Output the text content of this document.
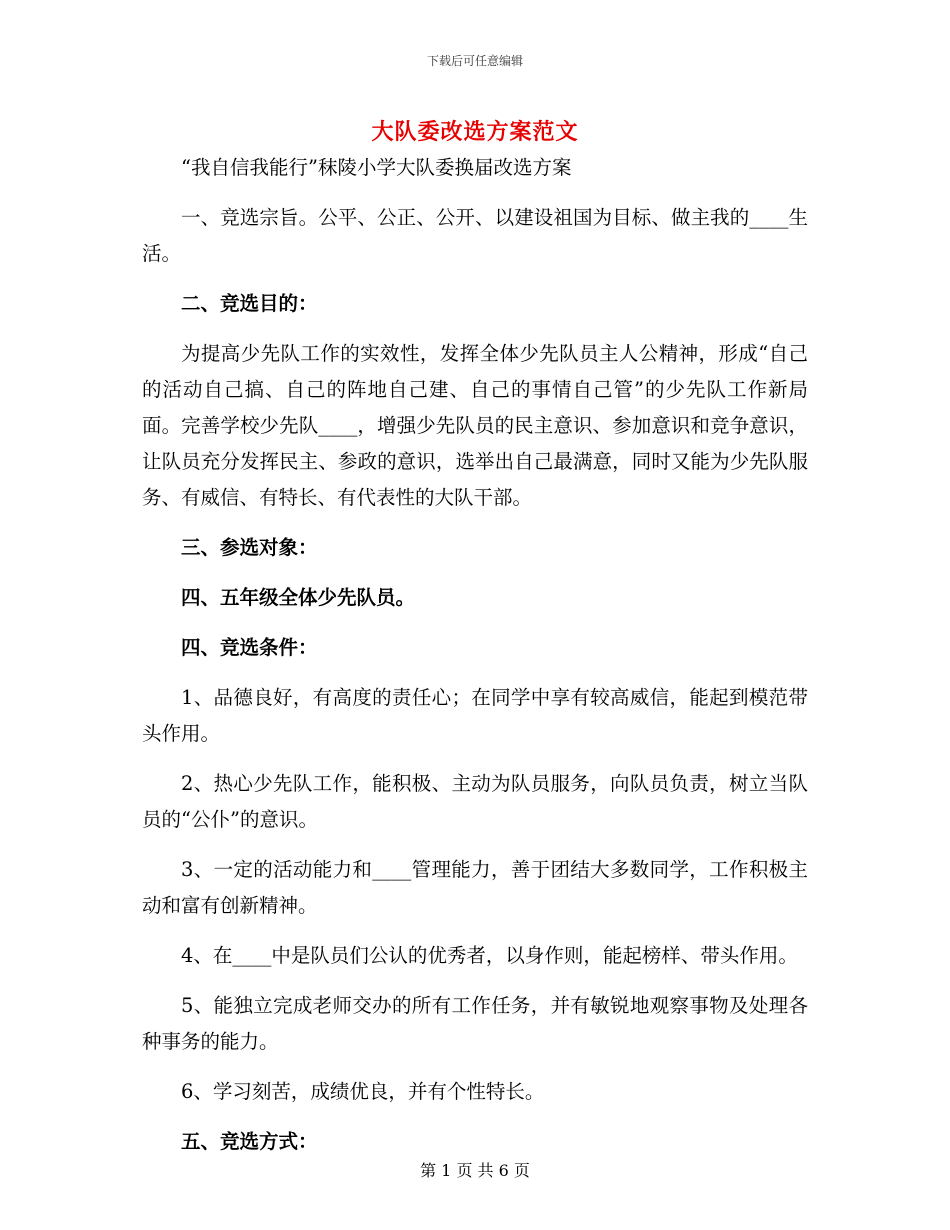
下载后可任意编辑
大队委改选方案范文

“我自信我能行”秣陵小学大队委换届改选方案

一、竞选宗旨。公平、公正、公开、以建设祖国为目标、做主我的____生活。

二、竞选目的：

为提高少先队工作的实效性，发挥全体少先队员主人公精神，形成“自己的活动自己搞、自己的阵地自己建、自己的事情自己管”的少先队工作新局面。完善学校少先队____，增强少先队员的民主意识、参加意识和竞争意识，让队员充分发挥民主、参政的意识，选举出自己最满意，同时又能为少先队服务、有威信、有特长、有代表性的大队干部。

三、参选对象：

四、五年级全体少先队员。

四、竞选条件：

1、品德良好，有高度的责任心；在同学中享有较高威信，能起到模范带头作用。

2、热心少先队工作，能积极、主动为队员服务，向队员负责，树立当队员的“公仆”的意识。

3、一定的活动能力和____管理能力，善于团结大多数同学，工作积极主动和富有创新精神。

4、在____中是队员们公认的优秀者，以身作则，能起榜样、带头作用。

5、能独立完成老师交办的所有工作任务，并有敏锐地观察事物及处理各种事务的能力。

6、学习刻苦，成绩优良，并有个性特长。

五、竞选方式：

第 1 页 共 6 页
